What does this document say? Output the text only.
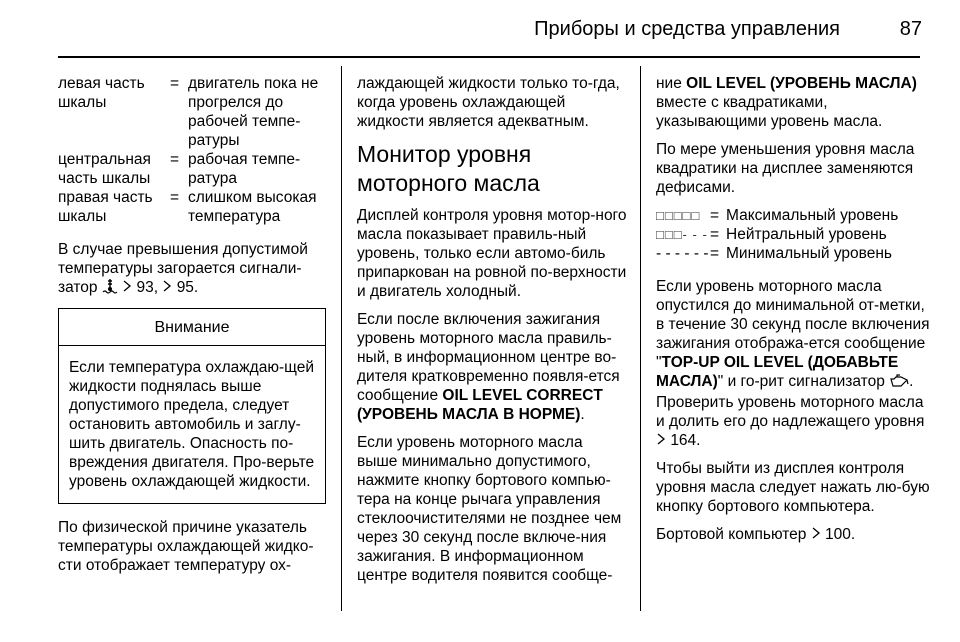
Приборы и средства управления	87
левая часть шкалы
= двигатель пока не прогрелся до рабочей темпе-ратуры
центральная часть шкалы
= рабочая темпе-ратура
правая часть шкалы
= слишком высокая температура

В случае превышения допустимой температуры загорается сигнали-затор	93, 95.

Внимание
Если температура охлаждаю-щей жидкости поднялась выше допустимого предела, следует остановить автомобиль и заглу-шить двигатель. Опасность по-вреждения двигателя. Про-верьте уровень охлаждающей жидкости.

По физической причине указатель температуры охлаждающей жидко-сти отображает температуру ох-

лаждающей жидкости только то-гда, когда уровень охлаждающей жидкости является адекватным.

Монитор уровня моторного масла

Дисплей контроля уровня мотор-ного масла показывает правиль-ный уровень, только если автомо-биль припаркован на ровной по-верхности и двигатель холодный.

Если после включения зажигания уровень моторного масла правиль-ный, в информационном центре во-дителя кратковременно появля-ется сообщение OIL LEVEL CORRECT (УРОВЕНЬ МАСЛА В НОРМЕ).

Если уровень моторного масла выше минимально допустимого, нажмите кнопку бортового компью-тера на конце рычага управления стеклоочистителями не позднее чем через 30 секунд после включе-ния зажигания. В информационном центре водителя появится сообще-

ние OIL LEVEL (УРОВЕНЬ МАСЛА) вместе с квадратиками, указывающими уровень масла.

По мере уменьшения уровня масла квадратики на дисплее заменяются дефисами.

□□□□□ = Максимальный уровень
□□□- - - = Нейтральный уровень
- - - - - - = Минимальный уровень

Если уровень моторного масла опустился до минимальной от-метки, в течение 30 секунд после включения зажигания отобража-ется сообщение "TOP-UP OIL LEVEL (ДОБАВЬТЕ МАСЛА)" и го-рит сигнализатор . Проверить уровень моторного масла и долить его до надлежащего уровня  164.

Чтобы выйти из дисплея контроля уровня масла следует нажать лю-бую кнопку бортового компьютера.

Бортовой компьютер 100.
